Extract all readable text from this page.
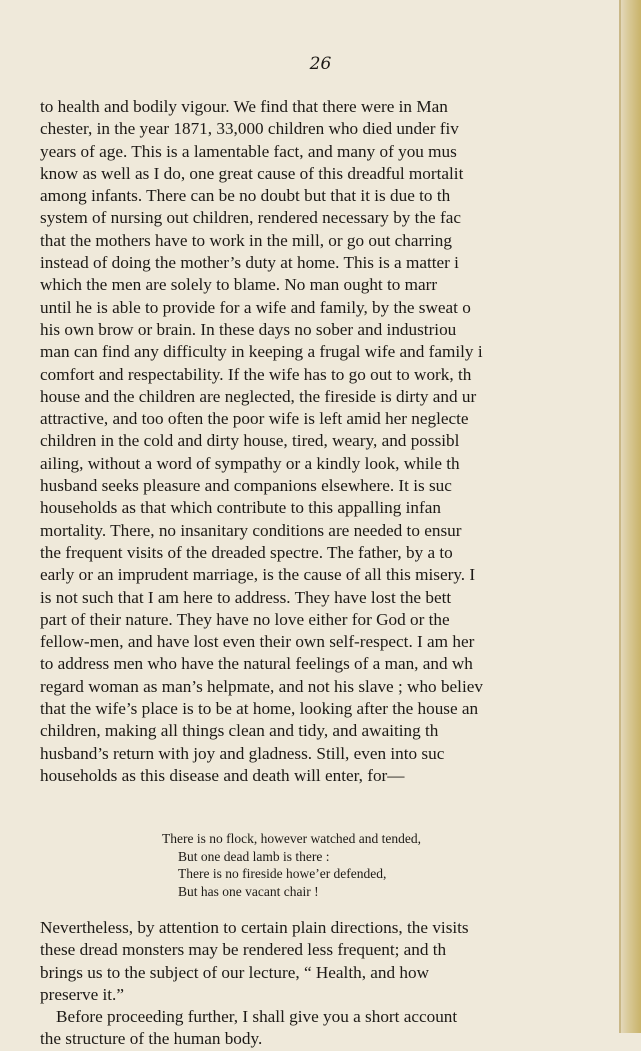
26
to health and bodily vigour. We find that there were in Man
chester, in the year 1871, 33,000 children who died under fiv
years of age. This is a lamentable fact, and many of you mus
know as well as I do, one great cause of this dreadful mortalit
among infants. There can be no doubt but that it is due to th
system of nursing out children, rendered necessary by the fac
that the mothers have to work in the mill, or go out charring
instead of doing the mother’s duty at home. This is a matter i
which the men are solely to blame. No man ought to marr
until he is able to provide for a wife and family, by the sweat o
his own brow or brain. In these days no sober and industriou
man can find any difficulty in keeping a frugal wife and family i
comfort and respectability. If the wife has to go out to work, th
house and the children are neglected, the fireside is dirty and ur
attractive, and too often the poor wife is left amid her neglecte
children in the cold and dirty house, tired, weary, and possibl
ailing, without a word of sympathy or a kindly look, while th
husband seeks pleasure and companions elsewhere. It is suc
households as that which contribute to this appalling infan
mortality. There, no insanitary conditions are needed to ensur
the frequent visits of the dreaded spectre. The father, by a to
early or an imprudent marriage, is the cause of all this misery. I
is not such that I am here to address. They have lost the bett
part of their nature. They have no love either for God or the
fellow-men, and have lost even their own self-respect. I am her
to address men who have the natural feelings of a man, and wh
regard woman as man’s helpmate, and not his slave ; who believ
that the wife’s place is to be at home, looking after the house an
children, making all things clean and tidy, and awaiting th
husband’s return with joy and gladness. Still, even into suc
households as this disease and death will enter, for—
There is no flock, however watched and tended,
But one dead lamb is there :
There is no fireside howe’er defended,
But has one vacant chair !
Nevertheless, by attention to certain plain directions, the visits
these dread monsters may be rendered less frequent; and th
brings us to the subject of our lecture, “ Health, and how
preserve it.”
Before proceeding further, I shall give you a short account
the structure of the human body.
